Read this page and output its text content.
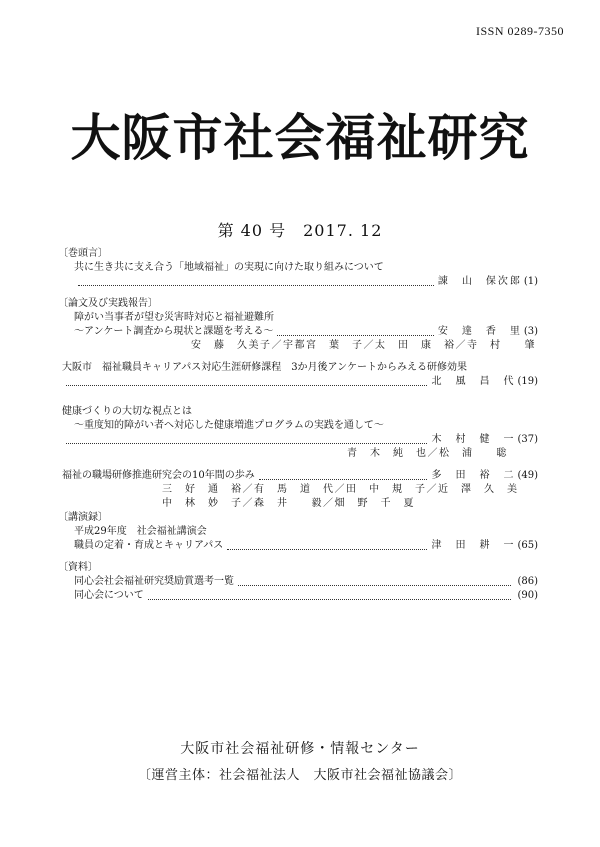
ISSN 0289-7350
大阪市社会福祉研究
第 40 号　2017. 12
〔巻頭言〕
共に生き共に支え合う「地域福祉」の実現に向けた取り組みについて
諌　山　保次郎 (1)
〔論文及び実践報告〕
障がい当事者が望む災害時対応と福祉避難所
～アンケート調査から現状と課題を考える～	安　達　香　里 (3)
安　藤　久美子／宇都宮　葉　子／太　田　康　裕／寺　村　　肇
大阪市　福祉職員キャリアパス対応生涯研修課程　3か月後アンケートからみえる研修効果
北　風　昌　代 (19)
健康づくりの大切な視点とは
～重度知的障がい者へ対応した健康増進プログラムの実践を通して～
木　村　健　一 (37)
青　木　純　也／松　浦　　聡
福祉の職場研修推進研究会の10年間の歩み	多　田　裕　二 (49)
三　好　通　裕／有　馬　道　代／田　中　規　子／近　澤　久　美
中　林　妙　子／森　井　　毅／畑　野　千　夏
〔講演録〕
平成29年度　社会福祉講演会
職員の定着・育成とキャリアパス	津　田　耕　一 (65)
〔資料〕
同心会社会福祉研究奨励賞選考一覧	(86)
同心会について	(90)
大阪市社会福祉研修・情報センター
〔運営主体：社会福祉法人　大阪市社会福祉協議会〕
